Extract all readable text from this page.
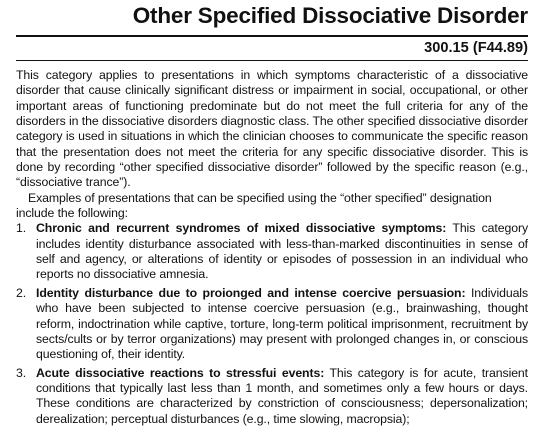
Other Specified Dissociative Disorder
300.15 (F44.89)

This category applies to presentations in which symptoms characteristic of a dissociative disorder that cause clinically significant distress or impairment in social, occupational, or other important areas of functioning predominate but do not meet the full criteria for any of the disorders in the dissociative disorders diagnostic class. The other specified dissociative disorder category is used in situations in which the clinician chooses to communicate the specific reason that the presentation does not meet the criteria for any specific dissociative disorder. This is done by recording “other specified dissociative disorder” followed by the specific reason (e.g., “dissociative trance”).

Examples of presentations that can be specified using the “other specified” designation include the following:

1. Chronic and recurrent syndromes of mixed dissociative symptoms: This category includes identity disturbance associated with less-than-marked discontinuities in sense of self and agency, or alterations of identity or episodes of possession in an individual who reports no dissociative amnesia.
2. Identity disturbance due to proionged and intense coercive persuasion: Individuals who have been subjected to intense coercive persuasion (e.g., brainwashing, thought reform, indoctrination while captive, torture, long-term political imprisonment, recruitment by sects/cults or by terror organizations) may present with prolonged changes in, or conscious questioning of, their identity.
3. Acute dissociative reactions to stressfui events: This category is for acute, transient conditions that typically last less than 1 month, and sometimes only a few hours or days. These conditions are characterized by constriction of consciousness; depersonalization; derealization; perceptual disturbances (e.g., time slowing, macropsia);
